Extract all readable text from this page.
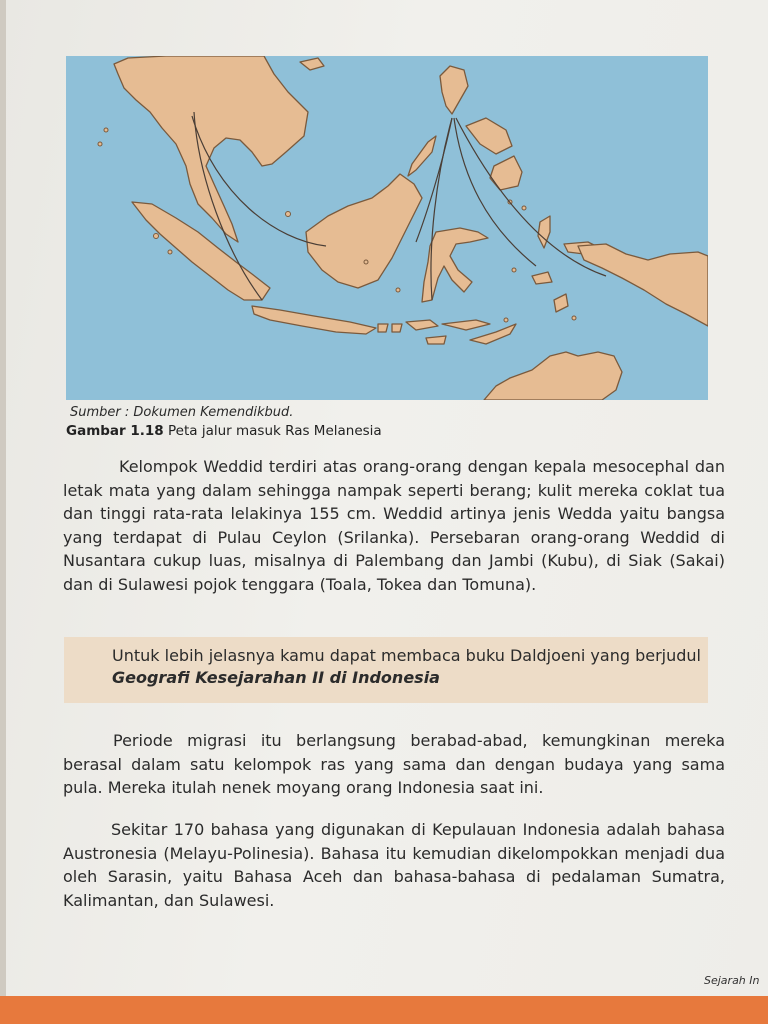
Sumber : Dokumen Kemendikbud.
Gambar 1.18 Peta jalur masuk Ras Melanesia

Kelompok Weddid terdiri atas orang-orang dengan kepala mesocephal dan letak mata yang dalam sehingga nampak seperti berang; kulit mereka coklat tua dan tinggi rata-rata lelakinya 155 cm. Weddid artinya jenis Wedda yaitu bangsa yang terdapat di Pulau Ceylon (Srilanka). Persebaran orang-orang Weddid di Nusantara cukup luas, misalnya di Palembang dan Jambi (Kubu), di Siak (Sakai) dan di Sulawesi pojok tenggara (Toala, Tokea dan Tomuna).

Untuk lebih jelasnya kamu dapat membaca buku Daldjoeni yang berjudul Geografi Kesejarahan II di Indonesia

Periode migrasi itu berlangsung berabad-abad, kemungkinan mereka berasal dalam satu kelompok ras yang sama dan dengan budaya yang sama pula. Mereka itulah nenek moyang orang Indonesia saat ini.

Sekitar 170 bahasa yang digunakan di Kepulauan Indonesia adalah bahasa Austronesia (Melayu-Polinesia). Bahasa itu kemudian dikelompokkan menjadi dua oleh Sarasin, yaitu Bahasa Aceh dan bahasa-bahasa di pedalaman Sumatra, Kalimantan, dan Sulawesi.

Sejarah In
